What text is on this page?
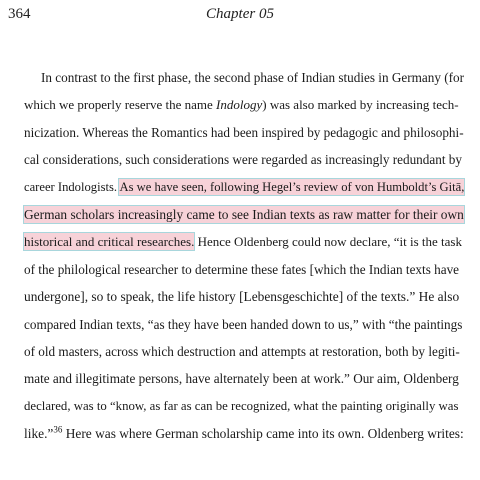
364	Chapter 05
In contrast to the first phase, the second phase of Indian studies in Germany (for
which we properly reserve the name Indology) was also marked by increasing tech-
nicization. Whereas the Romantics had been inspired by pedagogic and philosophi-
cal considerations, such considerations were regarded as increasingly redundant by
career Indologists. As we have seen, following Hegel’s review of von Humboldt’s Gitā,
German scholars increasingly came to see Indian texts as raw matter for their own
historical and critical researches. Hence Oldenberg could now declare, “it is the task
of the philological researcher to determine these fates [which the Indian texts have
undergone], so to speak, the life history [Lebensgeschichte] of the texts.” He also
compared Indian texts, “as they have been handed down to us,” with “the paintings
of old masters, across which destruction and attempts at restoration, both by legiti-
mate and illegitimate persons, have alternately been at work.” Our aim, Oldenberg
declared, was to “know, as far as can be recognized, what the painting originally was
like.”$^{36}$ Here was where German scholarship came into its own. Oldenberg writes:
